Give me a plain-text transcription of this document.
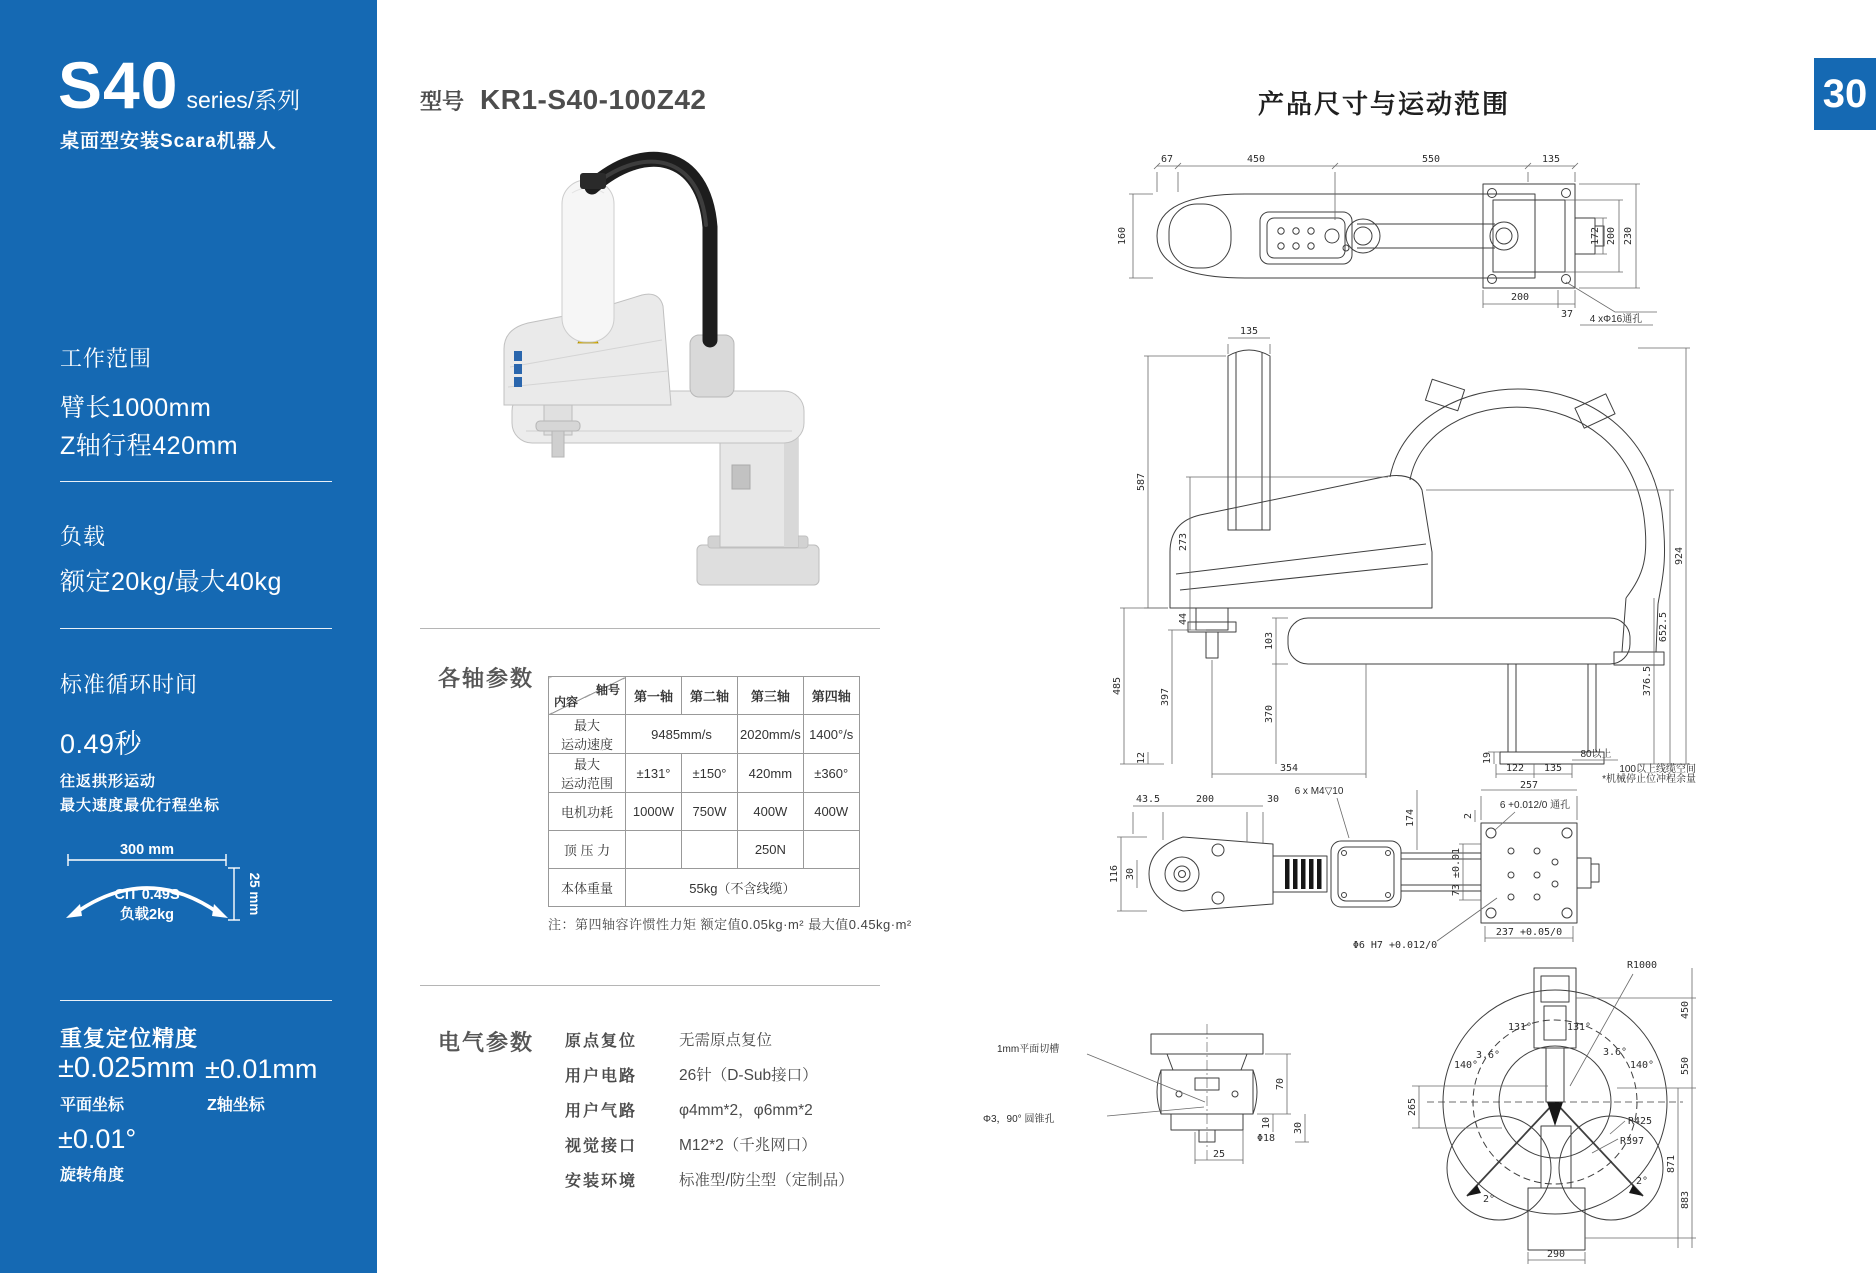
S40 series/系列
桌面型安装Scara机器人
工作范围
臂长1000mm
Z轴行程420mm
负载
额定20kg/最大40kg
标准循环时间
0.49秒
往返拱形运动
最大速度最优行程坐标
300 mm
CIT 0.49S
负载2kg	25 mm
重复定位精度
±0.025mm
平面坐标
±0.01mm
Z轴坐标
±0.01°
旋转角度
型号 KR1-S40-100Z42
各轴参数	轴号
内容	第一轴	第二轴	第三轴	第四轴

最大
运动速度	9485mm/s		2020mm/s	1400°/s

最大
运动范围	±131°	±150°	420mm	±360°
电机功耗	1000W	750W	400W	400W
顶 压 力			250N	
本体重量	55kg（不含线缆）			
注：第四轴容许惯性力矩 额定值0.05kg·m² 最大值0.45kg·m²
电气参数 原点复位	无需原点复位
用户电路	26针（D-Sub接口）
用户气路	φ4mm*2，φ6mm*2
视觉接口	M12*2（千兆网口）
安装环境	标准型/防尘型（定制品）
产品尺寸与运动范围	30
67	450	550	135
160	172 200 230
200
37 4 xΦ16通孔
135
587
273
44
485
397
12
103
370
19
924
652.5
376.5
354	122 135
80以上
100以上线缆空间
*机械停止位冲程余量
43.5	200	30
6 x M4▽10
174
257
6 +0.012/0 通孔
2
116 30	73 ±0.01
Φ6 H7 +0.012/0
237 +0.05/0
1mm平面切槽
Φ3，90° 圆锥孔
70
30
10
25
Φ18
R1000
R425
R397
131°	131°
3.6°	3.6°
140°	140°
2°
2°
265
290
450
550
871
883
